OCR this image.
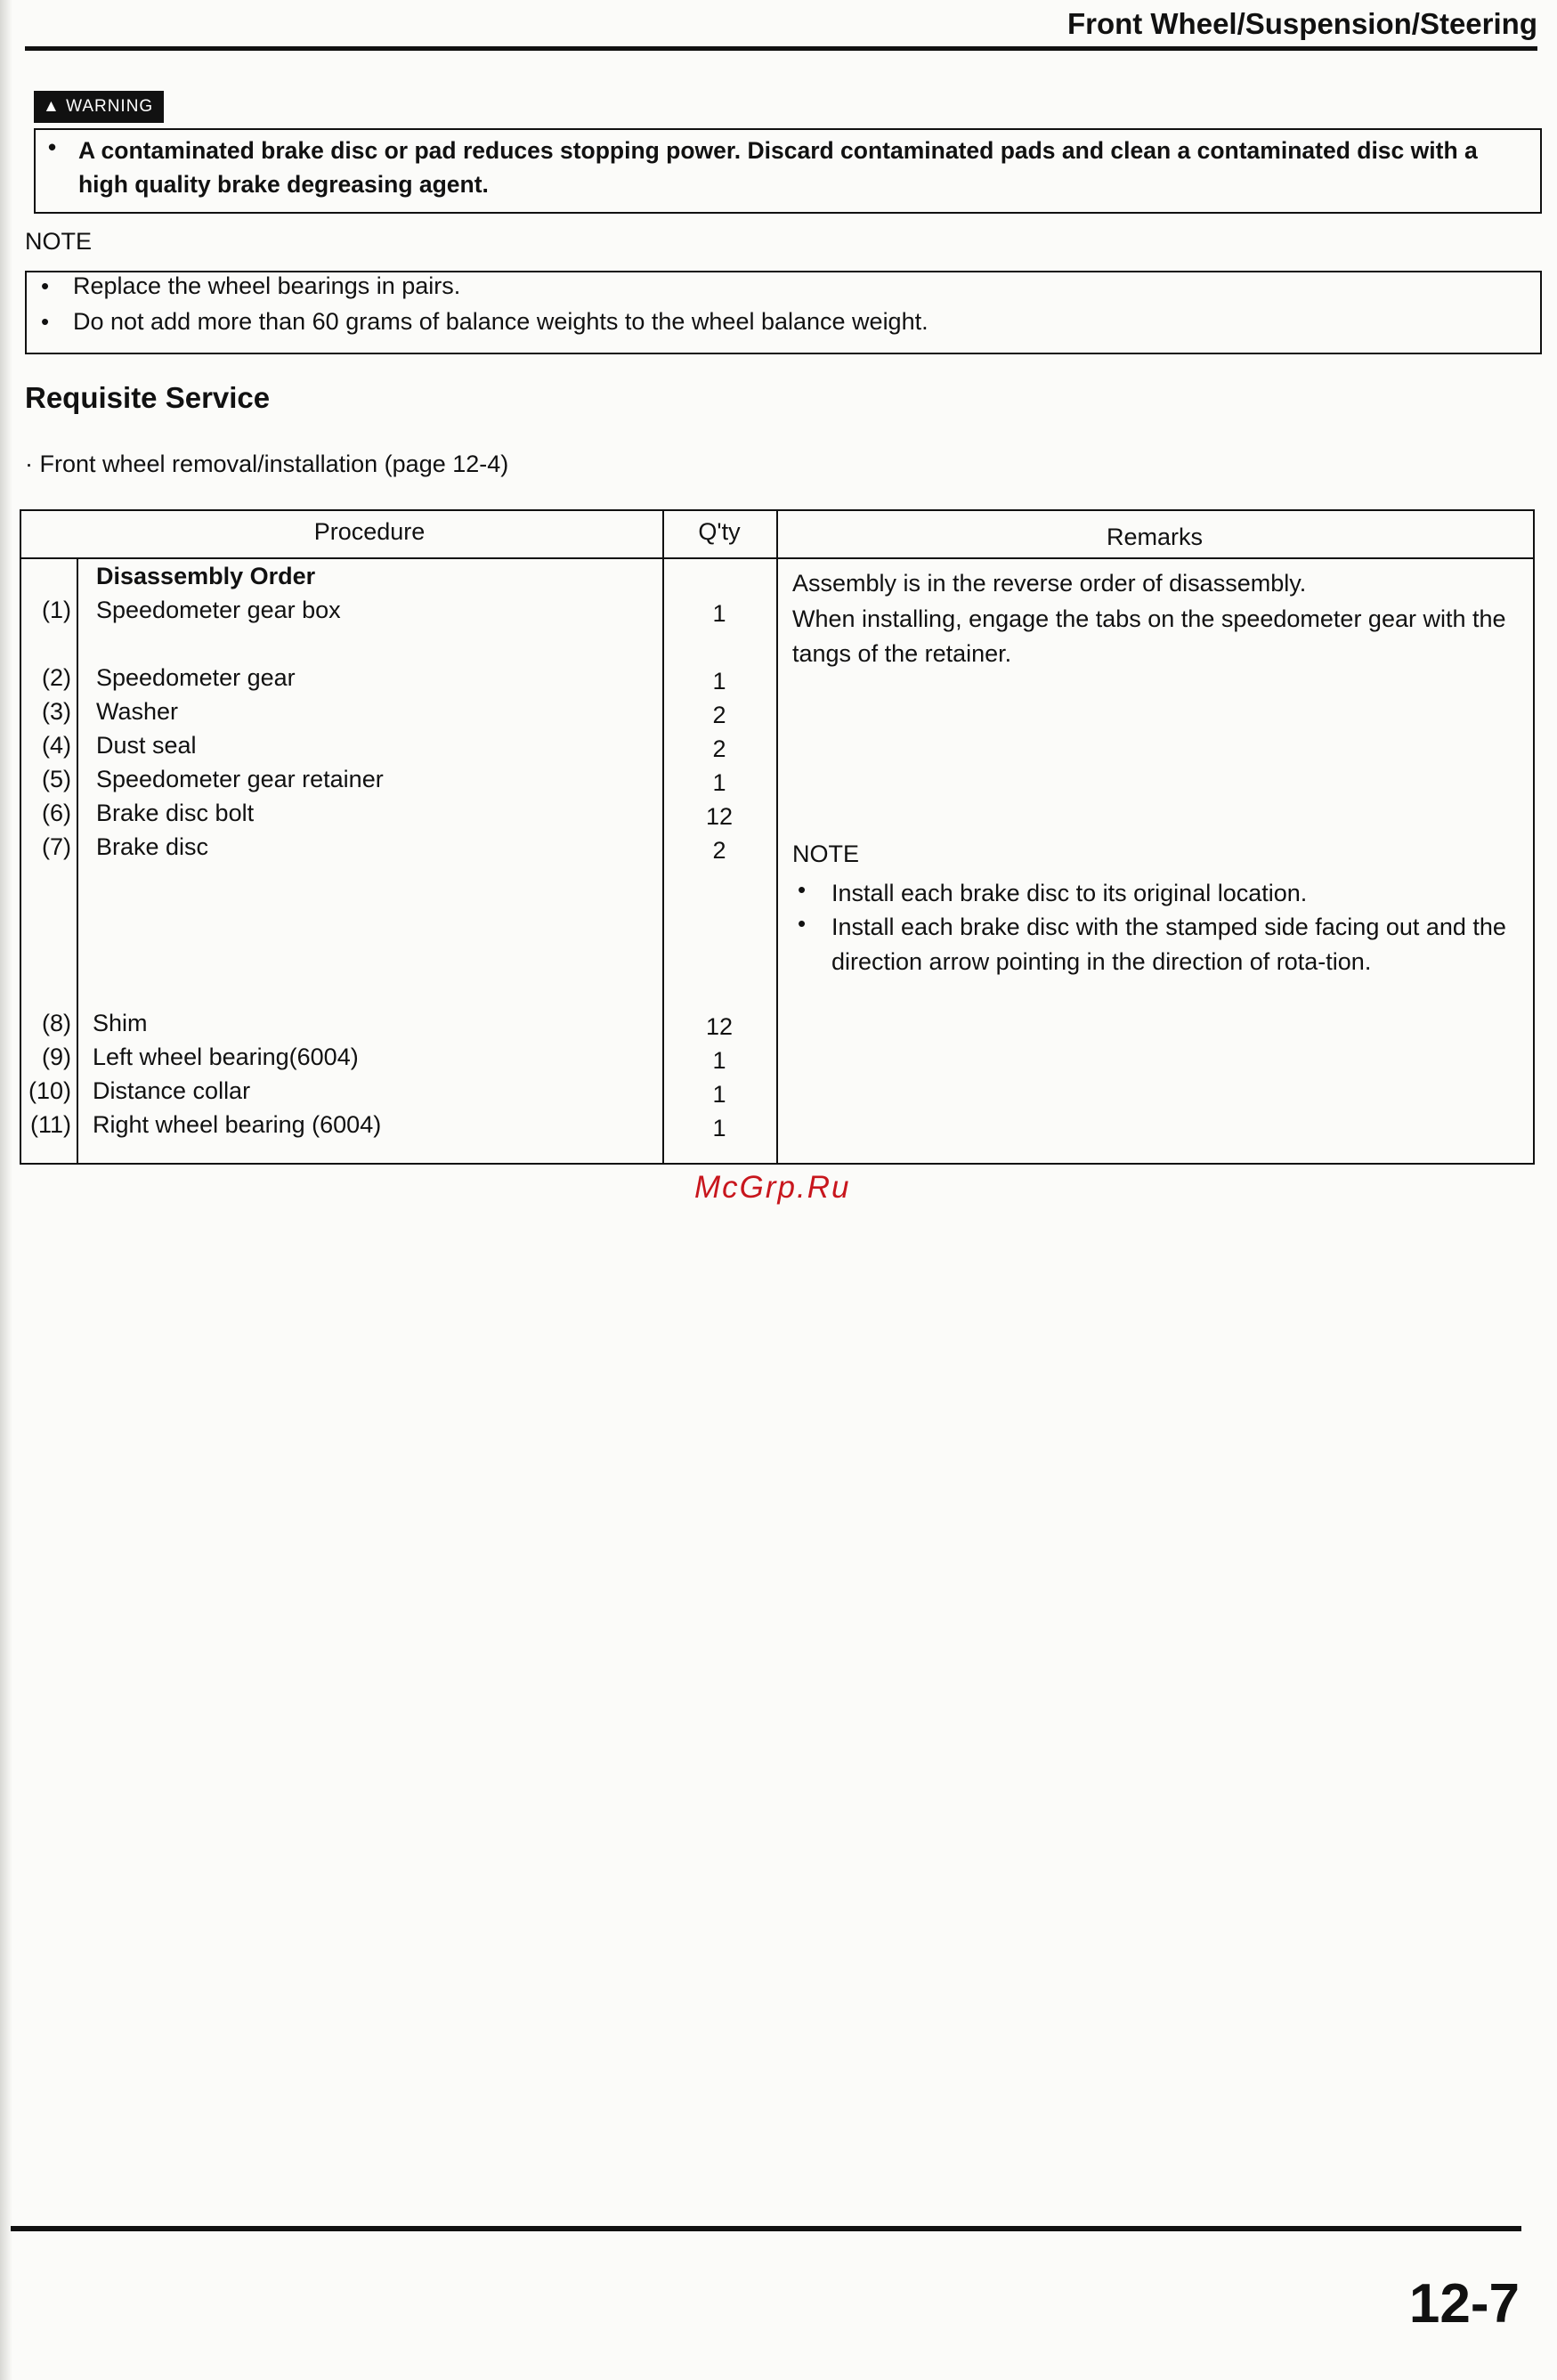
Front Wheel/Suspension/Steering
▲ WARNING
• A contaminated brake disc or pad reduces stopping power. Discard contaminated pads and clean a contaminated disc with a high quality brake degreasing agent.
NOTE
• Replace the wheel bearings in pairs.
• Do not add more than 60 grams of balance weights to the wheel balance weight.
Requisite Service
· Front wheel removal/installation (page 12-4)
Procedure	Q'ty	Remarks
Disassembly Order
(1) Speedometer gear box	1
(2) Speedometer gear	1
(3) Washer	2
(4) Dust seal	2
(5) Speedometer gear retainer	1
(6) Brake disc bolt	12
(7) Brake disc	2
(8) Shim	12
(9) Left wheel bearing(6004)	1
(10) Distance collar	1
(11) Right wheel bearing (6004)	1
Assembly is in the reverse order of disassembly.
When installing, engage the tabs on the speedometer gear with the tangs of the retainer.
NOTE
• Install each brake disc to its original location.
• Install each brake disc with the stamped side facing out and the direction arrow pointing in the direction of rota-tion.
McGrp.Ru
12-7
